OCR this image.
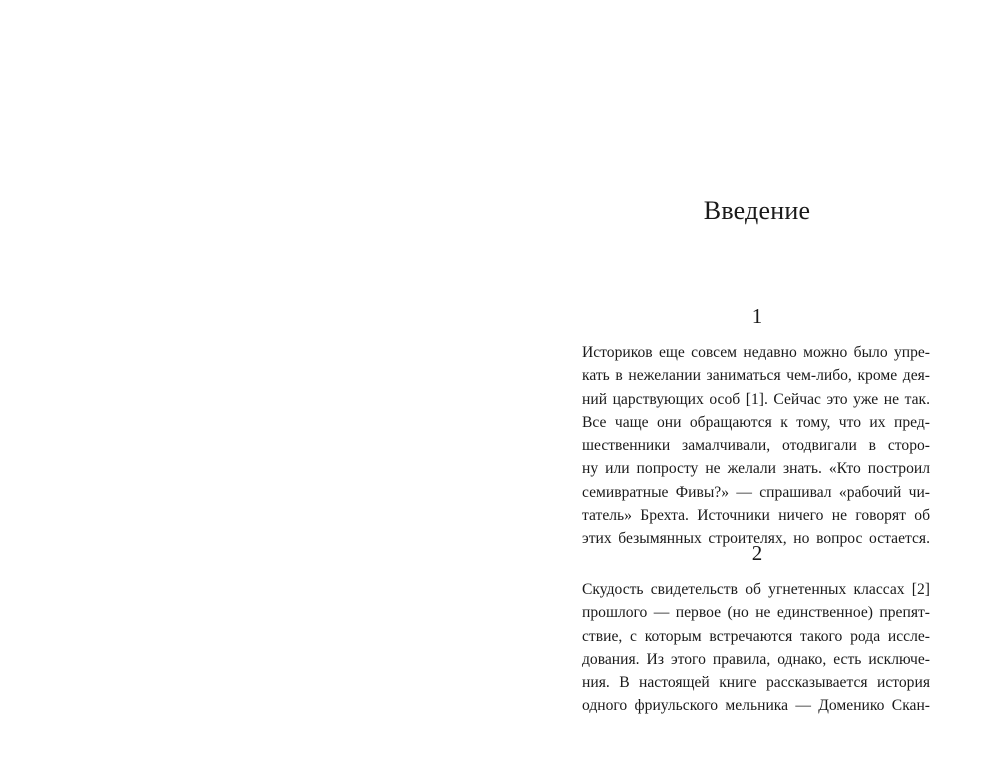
Введение
1
Историков еще совсем недавно можно было упре-
кать в нежелании заниматься чем-либо, кроме дея-
ний царствующих особ [1]. Сейчас это уже не так.
Все чаще они обращаются к тому, что их пред-
шественники замалчивали, отодвигали в сторо-
ну или попросту не желали знать. «Кто построил
семивратные Фивы?» — спрашивал «рабочий чи-
татель» Брехта. Источники ничего не говорят об
этих безымянных строителях, но вопрос остается.
2
Скудость свидетельств об угнетенных классах [2]
прошлого — первое (но не единственное) препят-
ствие, с которым встречаются такого рода иссле-
дования. Из этого правила, однако, есть исключе-
ния. В настоящей книге рассказывается история
одного фриульского мельника — Доменико Скан-
